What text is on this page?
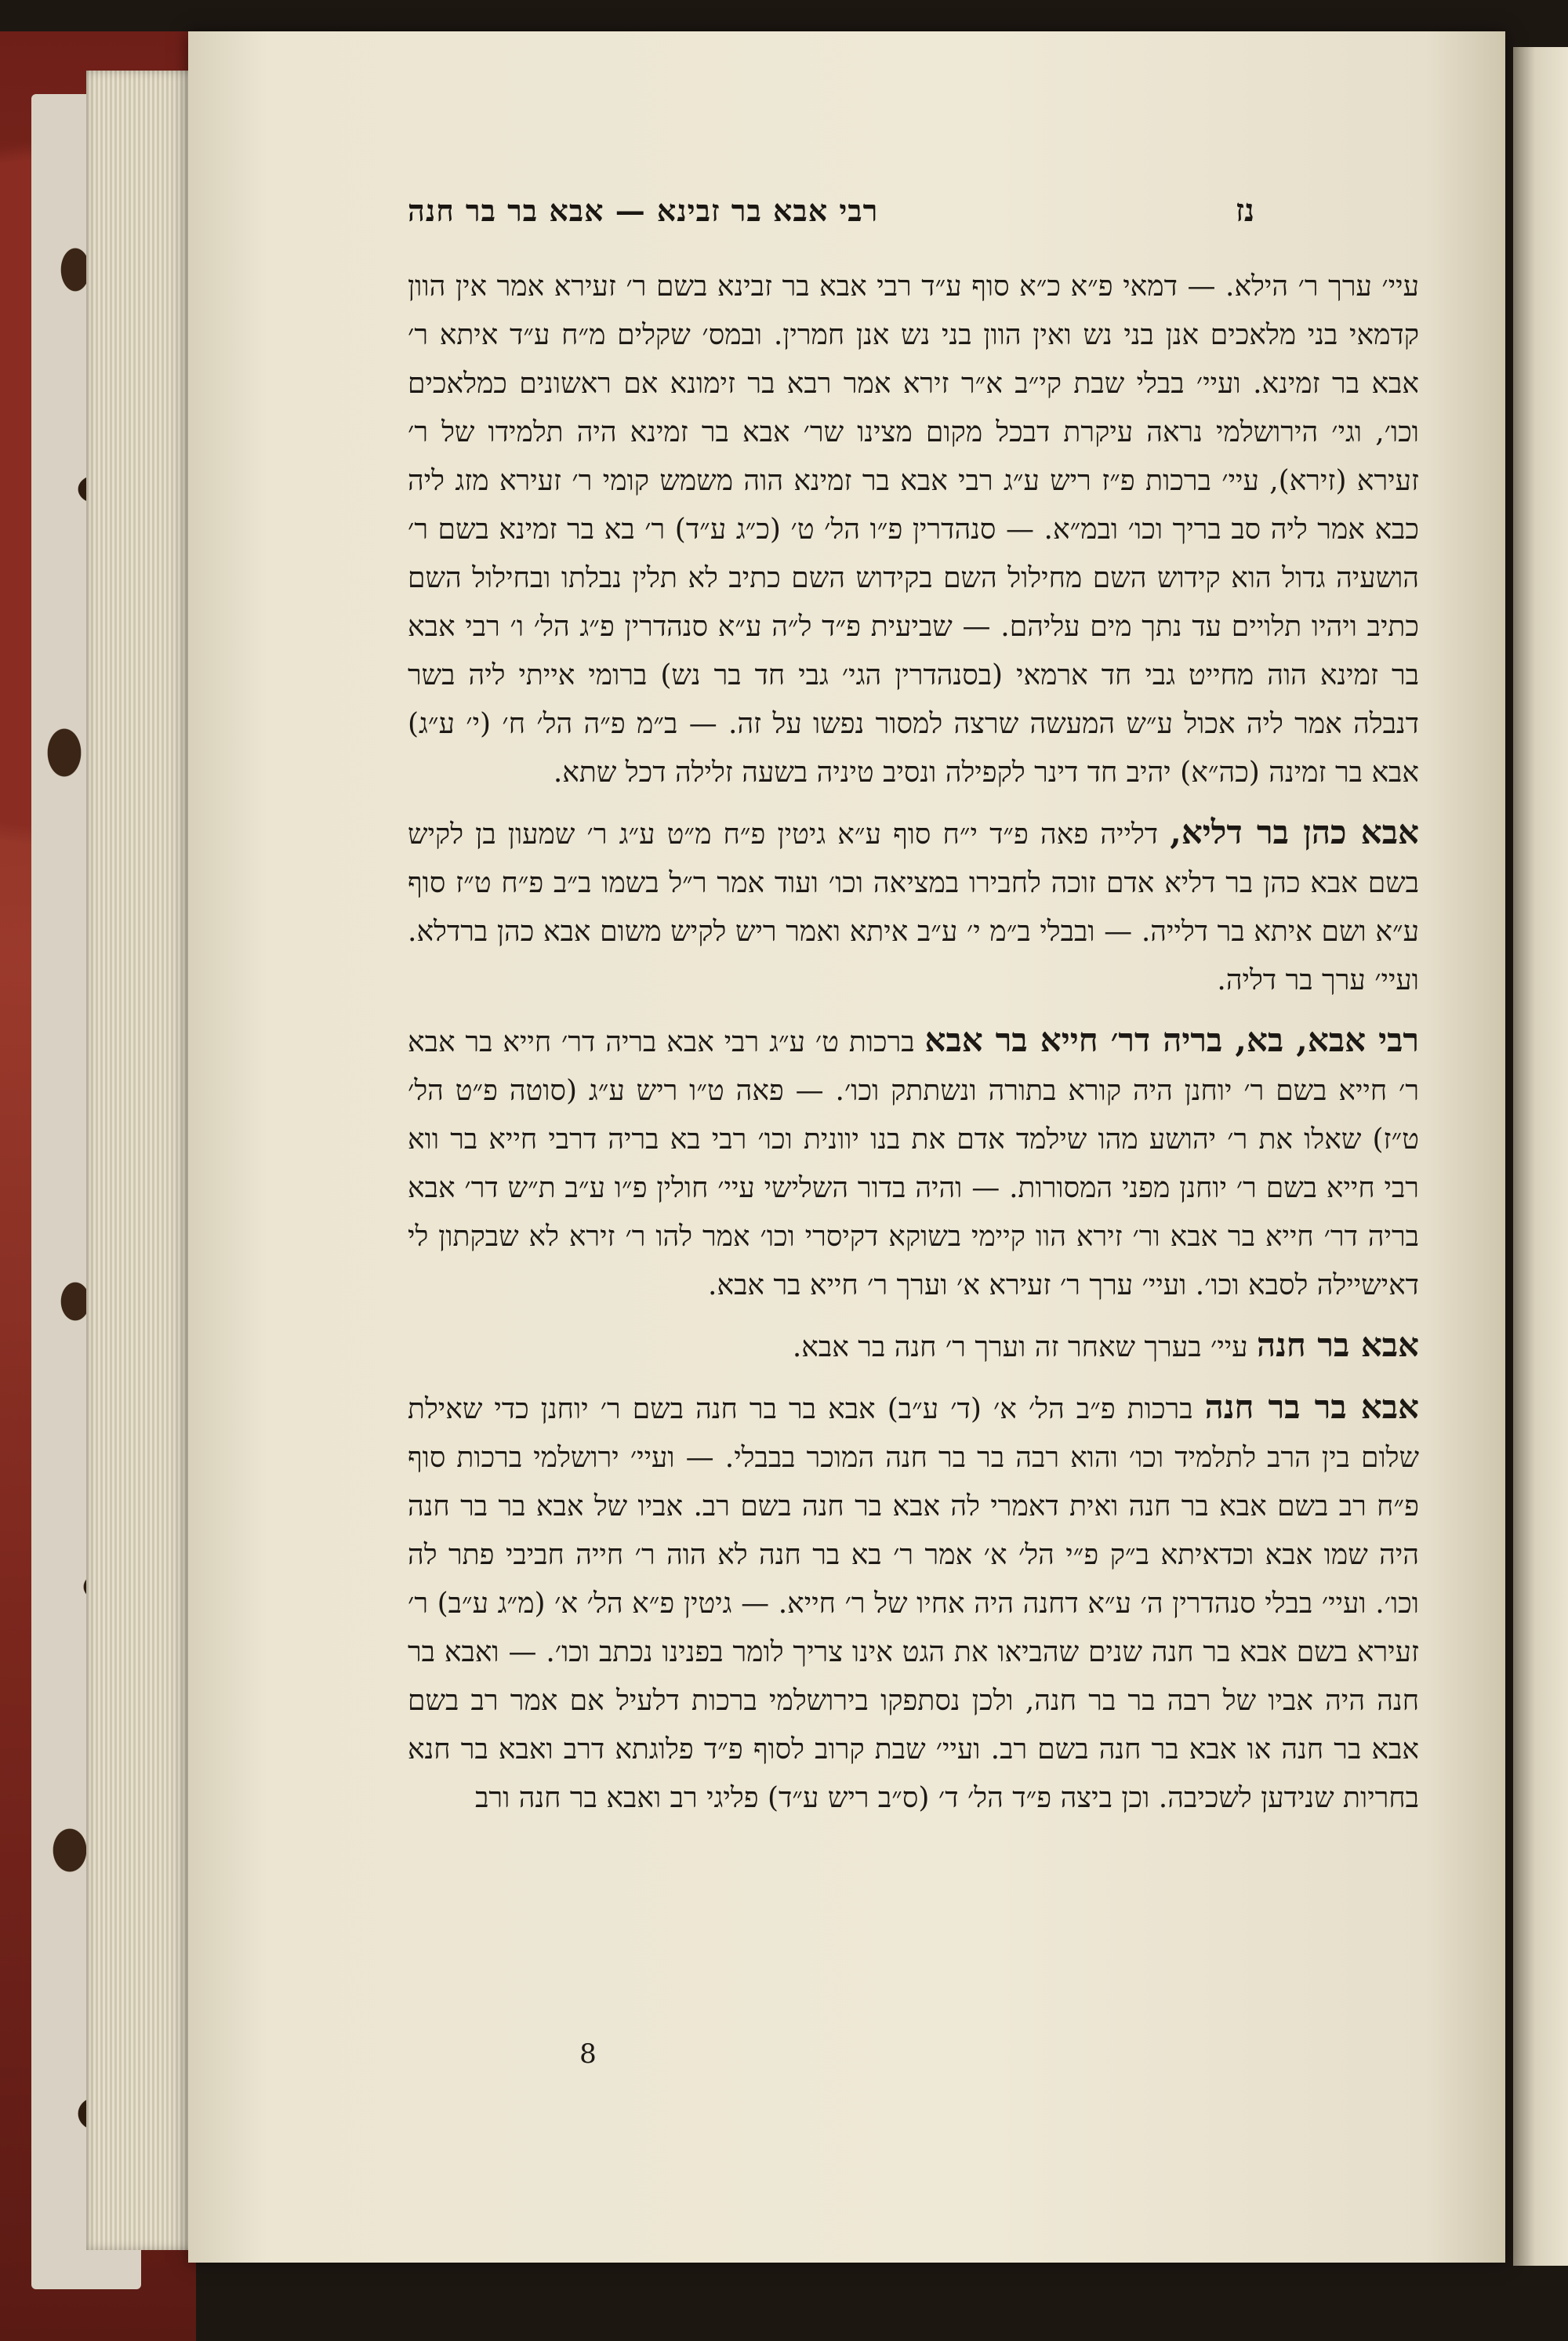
נז
רבי אבא בר זבינא — אבא בר בר חנה

עיי׳ ערך ר׳ הילא. — דמאי פ״א כ״א סוף ע״ד רבי אבא בר זבינא בשם ר׳ זעירא אמר אין הוון קדמאי בני מלאכים אנן בני נש ואין הוון בני נש אנן חמרין. ובמס׳ שקלים מ״ח ע״ד איתא ר׳ אבא בר זמינא. ועיי׳ בבלי שבת קי״ב א״ר זירא אמר רבא בר זימונא אם ראשונים כמלאכים וכו׳, וגי׳ הירושלמי נראה עיקרת דבכל מקום מצינו שר׳ אבא בר זמינא היה תלמידו של ר׳ זעירא (זירא), עיי׳ ברכות פ״ז ריש ע״ג רבי אבא בר זמינא הוה משמש קומי ר׳ זעירא מזג ליה כבא אמר ליה סב בריך וכו׳ ובמ״א. — סנהדרין פ״ו הל׳ ט׳ (כ״ג ע״ד) ר׳ בא בר זמינא בשם ר׳ הושעיה גדול הוא קידוש השם מחילול השם בקידוש השם כתיב לא תלין נבלתו ובחילול השם כתיב ויהיו תלויים עד נתך מים עליהם. — שביעית פ״ד ל״ה ע״א סנהדרין פ״ג הל׳ ו׳ רבי אבא בר זמינא הוה מחייט גבי חד ארמאי (בסנהדרין הגי׳ גבי חד בר נש) ברומי אייתי ליה בשר דנבלה אמר ליה אכול ע״ש המעשה שרצה למסור נפשו על זה. — ב״מ פ״ה הל׳ ח׳ (י׳ ע״ג) אבא בר זמינה (כה״א) יהיב חד דינר לקפילה ונסיב טיניה בשעה זלילה דכל שתא.

אבא כהן בר דליא, דלייה פאה פ״ד י״ח סוף ע״א גיטין פ״ח מ״ט ע״ג ר׳ שמעון בן לקיש בשם אבא כהן בר דליא אדם זוכה לחבירו במציאה וכו׳ ועוד אמר ר״ל בשמו ב״ב פ״ח ט״ז סוף ע״א ושם איתא בר דלייה. — ובבלי ב״מ י׳ ע״ב איתא ואמר ריש לקיש משום אבא כהן ברדלא. ועיי׳ ערך בר דליה.

רבי אבא, בא, בריה דר׳ חייא בר אבא ברכות ט׳ ע״ג רבי אבא בריה דר׳ חייא בר אבא ר׳ חייא בשם ר׳ יוחנן היה קורא בתורה ונשתתק וכו׳. — פאה ט״ו ריש ע״ג (סוטה פ״ט הל׳ ט״ז) שאלו את ר׳ יהושע מהו שילמד אדם את בנו יוונית וכו׳ רבי בא בריה דרבי חייא בר ווא רבי חייא בשם ר׳ יוחנן מפני המסורות. — והיה בדור השלישי עיי׳ חולין פ״ו ע״ב ת״ש דר׳ אבא בריה דר׳ חייא בר אבא ור׳ זירא הוו קיימי בשוקא דקיסרי וכו׳ אמר להו ר׳ זירא לא שבקתון לי דאישיילה לסבא וכו׳. ועיי׳ ערך ר׳ זעירא א׳ וערך ר׳ חייא בר אבא.

אבא בר חנה עיי׳ בערך שאחר זה וערך ר׳ חנה בר אבא.

אבא בר בר חנה ברכות פ״ב הל׳ א׳ (ד׳ ע״ב) אבא בר בר חנה בשם ר׳ יוחנן כדי שאילת שלום בין הרב לתלמיד וכו׳ והוא רבה בר בר חנה המוכר בבבלי. — ועיי׳ ירושלמי ברכות סוף פ״ח רב בשם אבא בר חנה ואית דאמרי לה אבא בר חנה בשם רב. אביו של אבא בר בר חנה היה שמו אבא וכדאיתא ב״ק פ״י הל׳ א׳ אמר ר׳ בא בר חנה לא הוה ר׳ חייה חביבי פתר לה וכו׳. ועיי׳ בבלי סנהדרין ה׳ ע״א דחנה היה אחיו של ר׳ חייא. — גיטין פ״א הל׳ א׳ (מ״ג ע״ב) ר׳ זעירא בשם אבא בר חנה שנים שהביאו את הגט אינו צריך לומר בפנינו נכתב וכו׳. — ואבא בר חנה היה אביו של רבה בר בר חנה, ולכן נסתפקו בירושלמי ברכות דלעיל אם אמר רב בשם אבא בר חנה או אבא בר חנה בשם רב. ועיי׳ שבת קרוב לסוף פ״ד פלוגתא דרב ואבא בר חנא בחריות שנידען לשכיבה. וכן ביצה פ״ד הל׳ ד׳ (ס״ב ריש ע״ד) פליגי רב ואבא בר חנה ורב

8
